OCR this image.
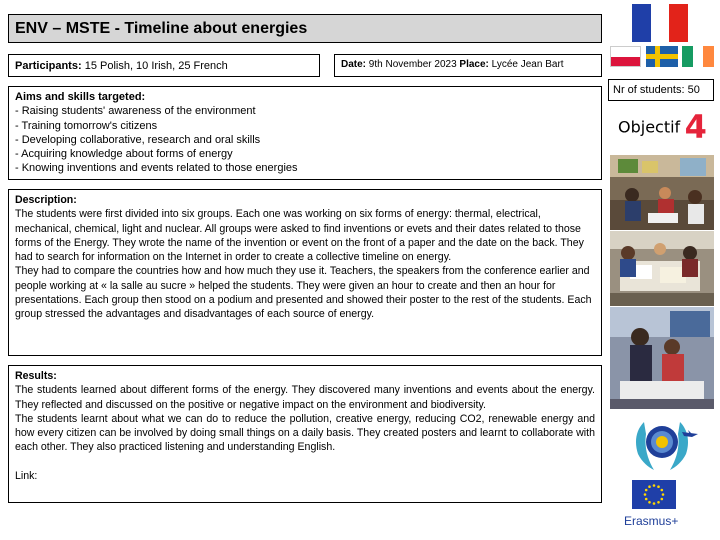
ENV – MSTE - Timeline about energies
Participants: 15 Polish, 10 Irish, 25 French	Date: 9th November 2023 Place: Lycée Jean Bart
Aims and skills targeted:
- Raising students' awareness of the environment
- Training tomorrow's citizens
- Developing collaborative, research and oral skills
- Acquiring knowledge about forms of energy
- Knowing inventions and events related to those energies

Description:

The students were first divided into six groups. Each one was working on six forms of energy: thermal, electrical, mechanical, chemical, light and nuclear. All groups were asked to find inventions or evets and their dates related to those forms of the Energy. They wrote the name of the invention or event on the front of a paper and the date on the back. They had to search for information on the Internet in order to create a collective timeline on energy.

They had to compare the countries how and how much they use it. Teachers, the speakers from the conference earlier and people working at « la salle au sucre » helped the students. They were given an hour to create and then an hour for presentations. Each group then stood on a podium and presented and showed their poster to the rest of the students. Each group stressed the advantages and disadvantages of each source of energy.

Results:

The students learned about different forms of the energy. They discovered many inventions and events about the energy. They reflected and discussed on the positive or negative impact on the environment and biodiversity.

The students learnt about what we can do to reduce the pollution, creative energy, reducing CO2, renewable energy and how every citizen can be involved by doing small things on a daily basis. They created posters and learnt to collaborate with each other. They also practiced listening and understanding English.

Link:

Nr of students: 50
Objectif 4
Erasmus+
